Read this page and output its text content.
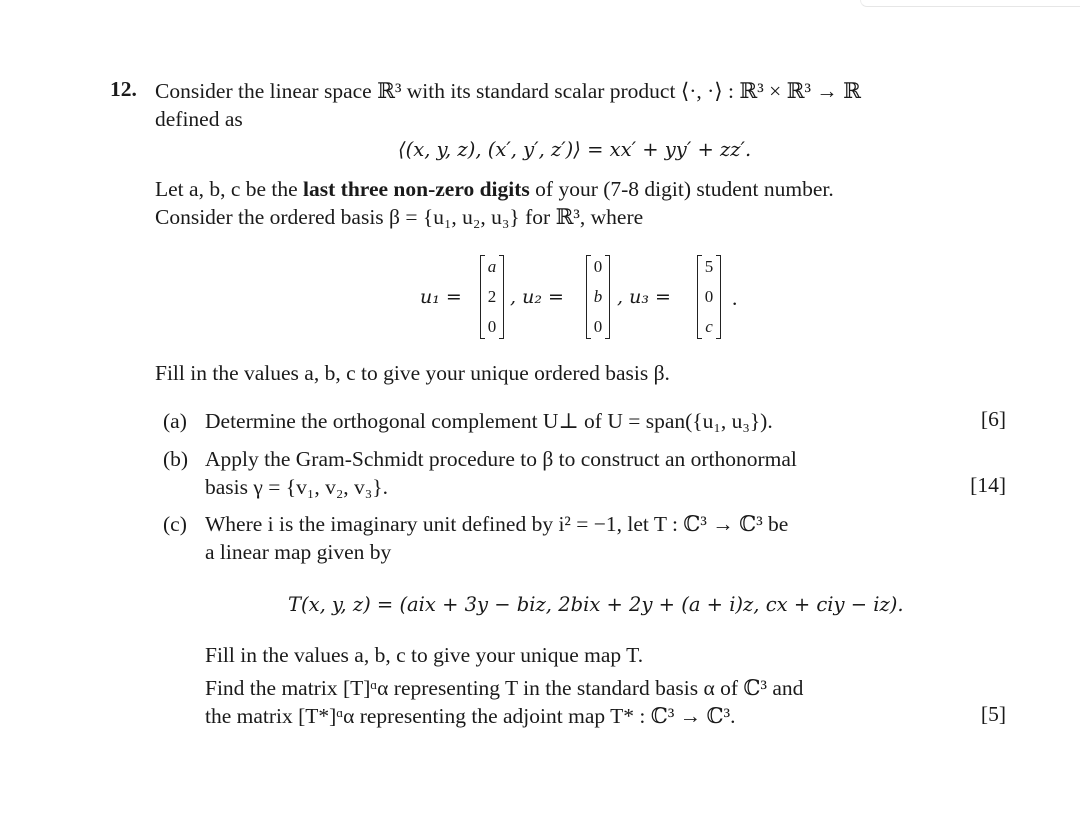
12. Consider the linear space ℝ³ with its standard scalar product ⟨·, ·⟩ : ℝ³ × ℝ³ → ℝ
defined as
⟨(x, y, z), (x′, y′, z′)⟩ = xx′ + yy′ + zz′.
Let a, b, c be the last three non-zero digits of your (7-8 digit) student number.
Consider the ordered basis β = {u₁, u₂, u₃} for ℝ³, where
u₁ =
a
2
0
, u₂ =
0
b
0
, u₃ =
5
0
c
.
Fill in the values a, b, c to give your unique ordered basis β.
(a) Determine the orthogonal complement U⊥ of U = span({u₁, u₃}).	[6]
(b) Apply the Gram-Schmidt procedure to β to construct an orthonormal
basis γ = {v₁, v₂, v₃}.	[14]
(c) Where i is the imaginary unit defined by i² = −1, let T : ℂ³ → ℂ³ be
a linear map given by
T(x, y, z) = (aix + 3y − biz, 2bix + 2y + (a + i)z, cx + ciy − iz).
Fill in the values a, b, c to give your unique map T.
Find the matrix [T]ᵅα representing T in the standard basis α of ℂ³ and
the matrix [T*]ᵅα representing the adjoint map T* : ℂ³ → ℂ³.	[5]
